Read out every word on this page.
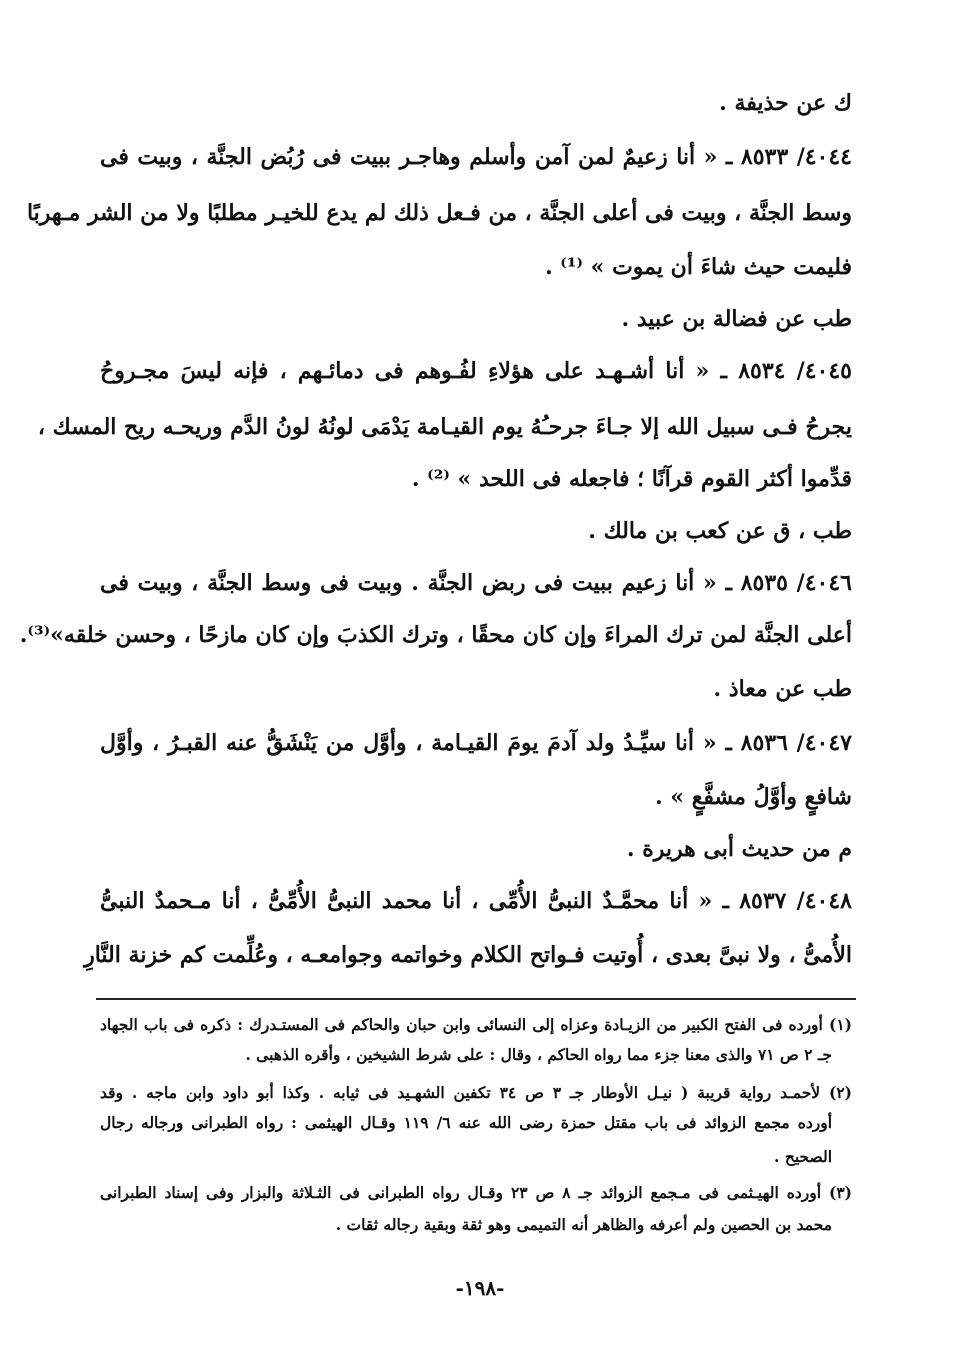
ك عن حذيفة .
٤٠٤٤/ ٨٥٣٣ ـ « أنا زعيمٌ لمن آمن وأسلم وهاجـر ببيت فى رُبُض الجنَّة ، وبيت فى
وسط الجنَّة ، وبيت فى أعلى الجنَّة ، من فـعل ذلك لم يدع للخيـر مطلبًا ولا من الشر مـهربًا
فليمت حيث شاءَ أن يموت » ⁽¹⁾ .
طب عن فضالة بن عبيد .
٤٠٤٥/ ٨٥٣٤ ـ « أنا أشـهـد على هؤلاءِ لفُـوهم فى دمائـهم ، فإنه ليسَ مجـروحُ
يجرحُ فـى سبيل الله إلا جـاءَ جرحـُهُ يوم القيـامة يَدْمَى لونُهُ لونُ الدَّم وريحـه ريح المسك ،
قدِّموا أكثر القوم قرآنًا ؛ فاجعله فى اللحد » ⁽²⁾ .
طب ، ق عن كعب بن مالك .
٤٠٤٦/ ٨٥٣٥ ـ « أنا زعيم ببيت فى ربض الجنَّة . وبيت فى وسط الجنَّة ، وبيت فى
أعلى الجنَّة لمن ترك المراءَ وإن كان محقًا ، وترك الكذبَ وإن كان مازحًا ، وحسن خلقه»⁽³⁾.
طب عن معاذ .
٤٠٤٧/ ٨٥٣٦ ـ « أنا سيِّـدُ ولد آدمَ يومَ القيـامة ، وأوَّل من يَنْشَقُّ عنه القبـرُ ، وأوَّل
شافعٍ وأوَّلُ مشفَّعٍ » .
م من حديث أبى هريرة .
٤٠٤٨/ ٨٥٣٧ ـ « أنا محمَّـدٌ النبىُّ الأُمِّى ، أنا محمد النبىُّ الأُمِّىُّ ، أنا مـحمدٌ النبىُّ
الأُمىُّ ، ولا نبىَّ بعدى ، أُوتيت فـواتح الكلام وخواتمه وجوامعـه ، وعُلِّمت كم خزنة النَّارِ
(١) أورده فى الفتح الكبير من الزيـادة وعزاه إلى النسائى وابن حبان والحاكم فى المستـدرك : ذكره فى باب الجهاد
جـ ٢ ص ٧١ والذى معنا جزء مما رواه الحاكم ، وقال : على شرط الشيخين ، وأقره الذهبى .
(٢) لأحمـد رواية قريبة ( نيـل الأوطار جـ ٣ ص ٣٤ تكفين الشهـيد فى ثيابه . وكذا أبو داود وابن ماجه . وقد
أورده مجمع الزوائد فى باب مقتل حمزة رضى الله عنه ٦/ ١١٩ وقـال الهيثمى : رواه الطبرانى ورجاله رجال
الصحيح .
(٣) أورده الهيـثمى فى مـجمع الزوائد جـ ٨ ص ٢٣ وقـال رواه الطبرانى فى الثـلاثة والبزار وفى إسناد الطبرانى
محمد بن الحصين ولم أعرفه والظاهر أنه التميمى وهو ثقة وبقية رجاله ثقات .
-١٩٨-
